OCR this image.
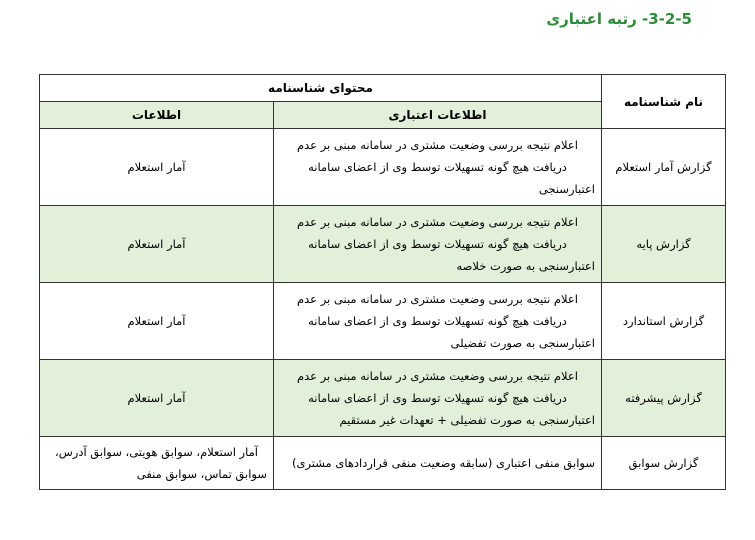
3-2-5- رتبه اعتباری
نام شناسنامه	محتوای شناسنامه	
	اطلاعات اعتباری	اطلاعات
گزارش آمار استعلام	اعلام نتیجه بررسی وضعیت مشتری در سامانه مبنی بر عدم دریافت هیچ گونه تسهیلات توسط وی از اعضای سامانه اعتبارسنجی	آمار استعلام
گزارش پایه	اعلام نتیجه بررسی وضعیت مشتری در سامانه مبنی بر عدم دریافت هیچ گونه تسهیلات توسط وی از اعضای سامانه اعتبارسنجی به صورت خلاصه	آمار استعلام
گزارش استاندارد	اعلام نتیجه بررسی وضعیت مشتری در سامانه مبنی بر عدم دریافت هیچ گونه تسهیلات توسط وی از اعضای سامانه اعتبارسنجی به صورت تفضیلی	آمار استعلام
گزارش پیشرفته	اعلام نتیجه بررسی وضعیت مشتری در سامانه مبنی بر عدم دریافت هیچ گونه تسهیلات توسط وی از اعضای سامانه اعتبارسنجی به صورت تفضیلی + تعهدات غیر مستقیم	آمار استعلام
گزارش سوابق	سوابق منفی اعتباری (سابقه وضعیت منفی قراردادهای مشتری)	آمار استعلام، سوابق هویتی، سوابق آدرس، سوابق تماس، سوابق منفی
